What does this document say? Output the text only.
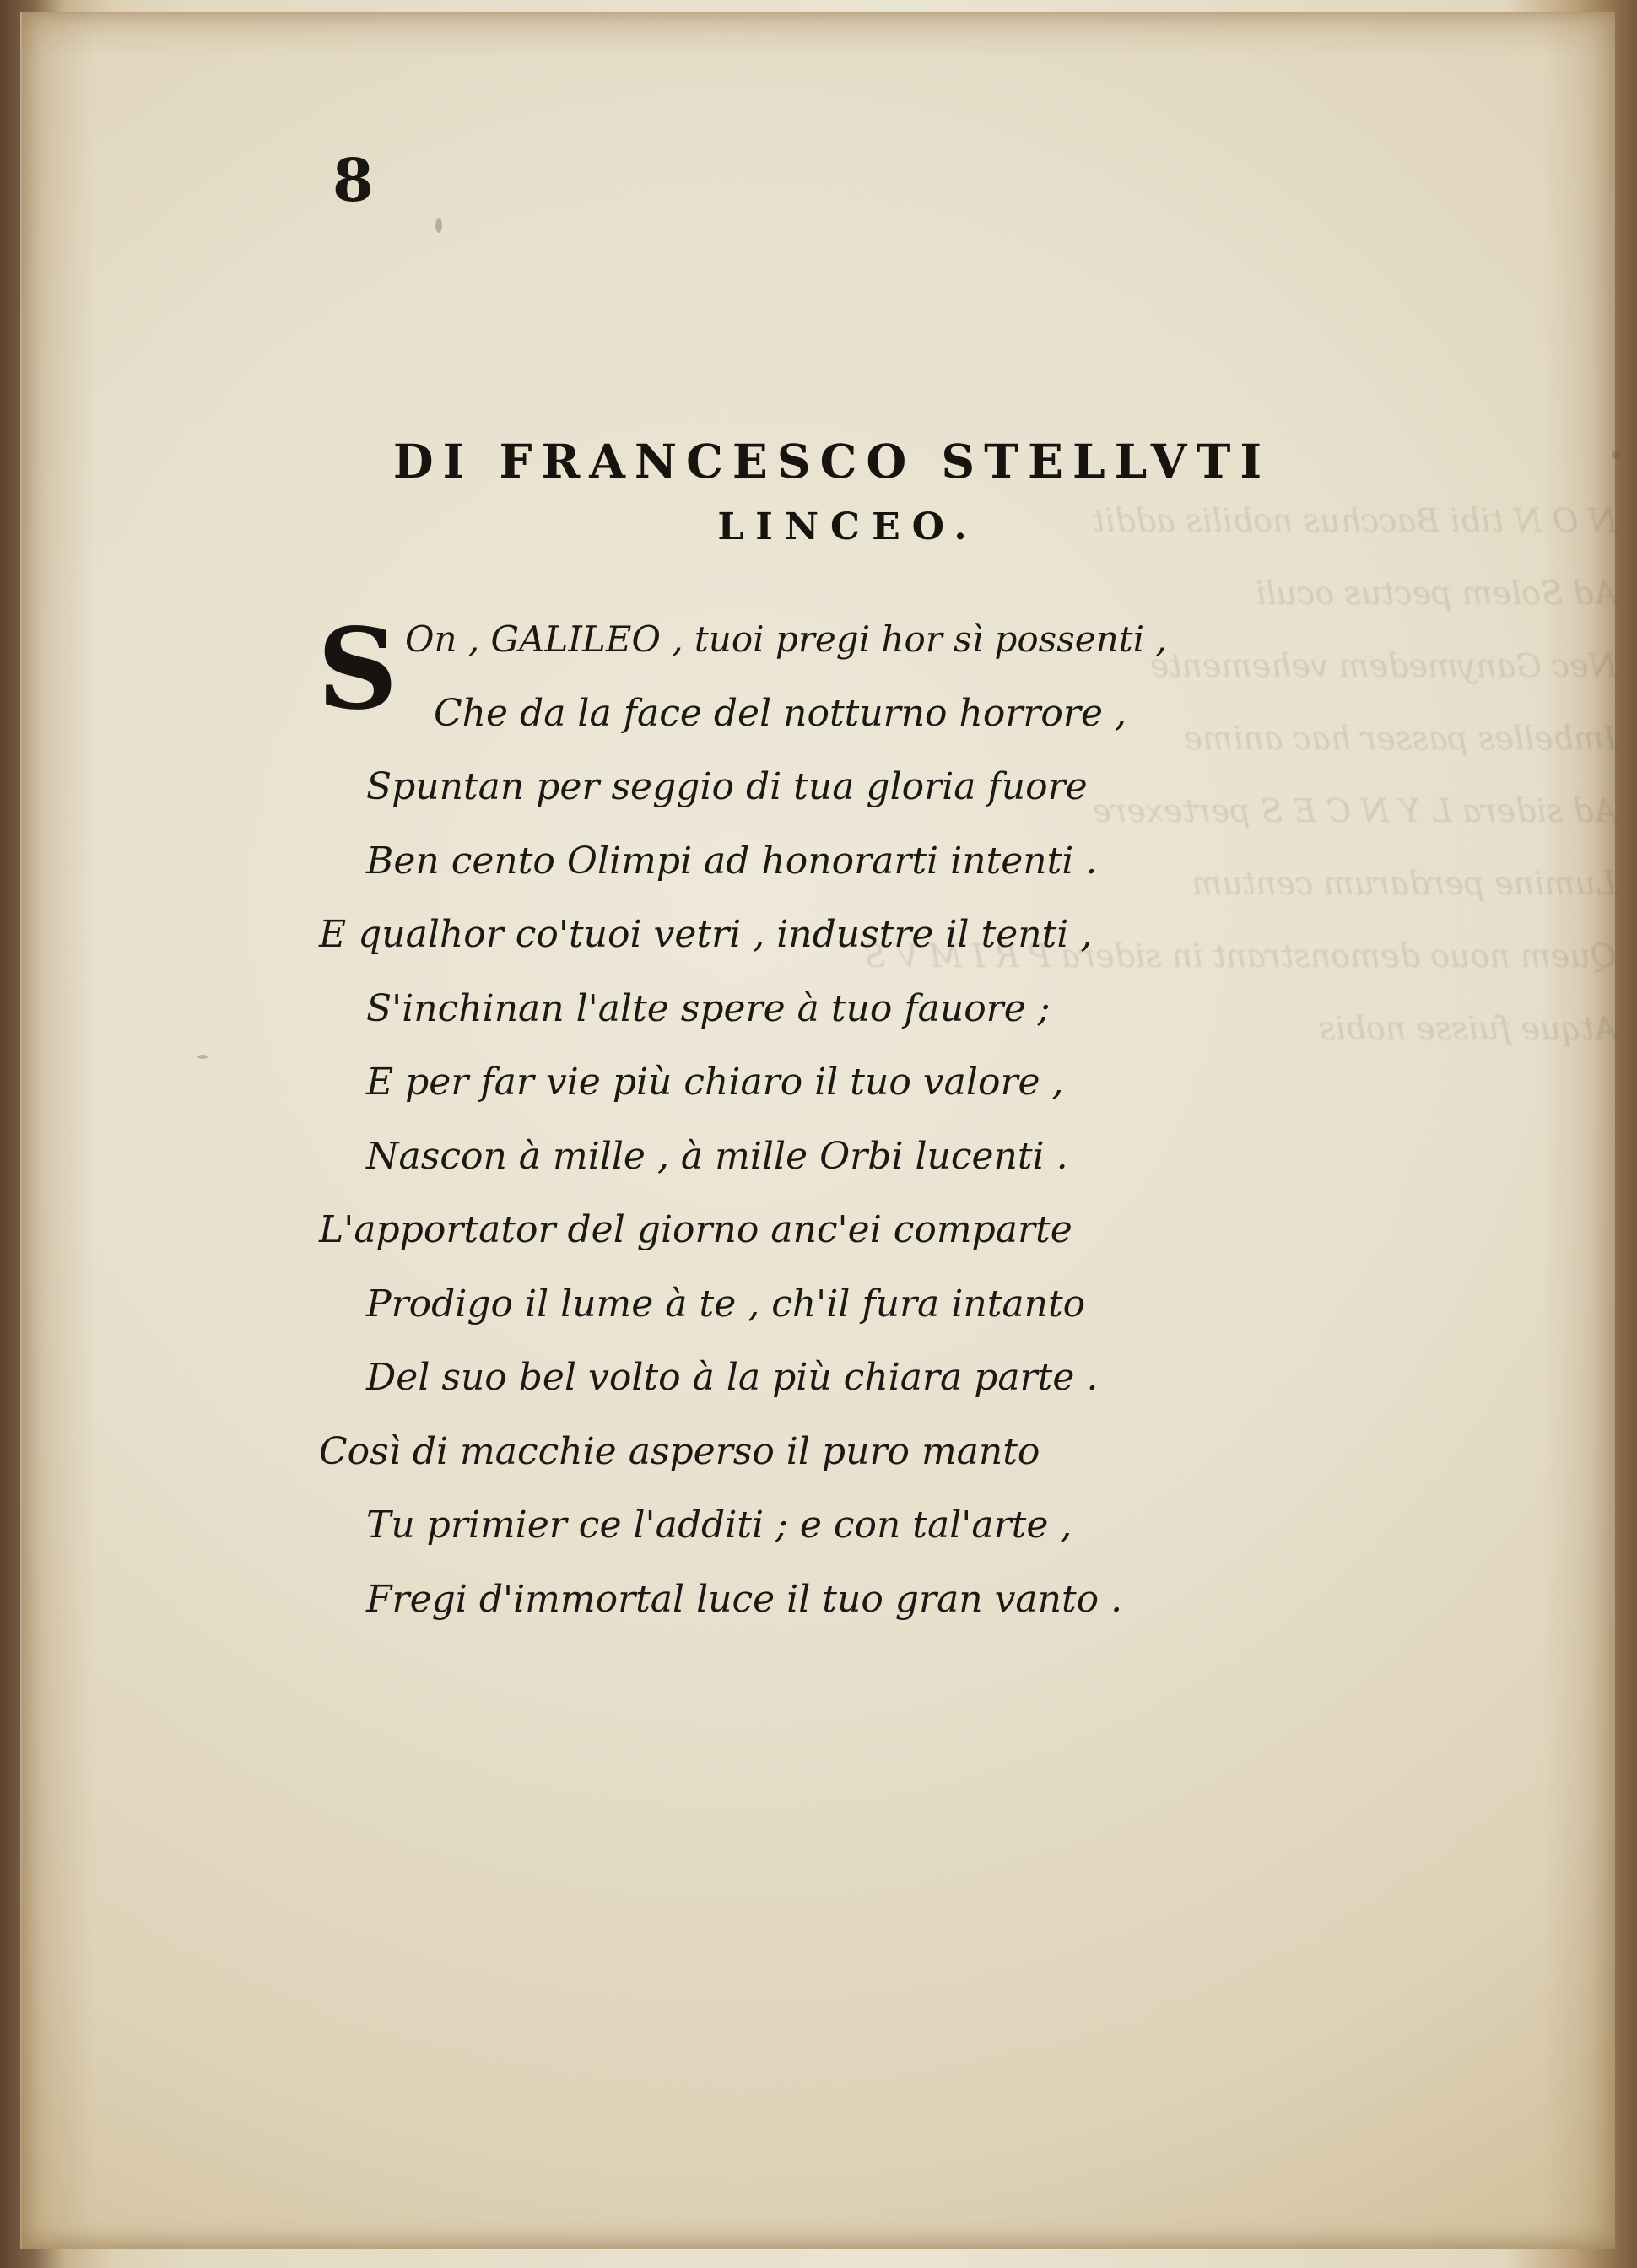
N O N tibi Bacchus nobilis addit
Ad Solem pectus oculi
Nec Ganymedem vehemente
Imbelles passer hac anime
Ad sidera L Y N C E S pertexere
Lumine perdarum centum
Quem nouo demonstrant in sidera P R I M V S
Atque fuisse nobis
8
DI FRANCESCO STELLVTI
LINCEO.
S On , GALILEO , tuoi pregi hor sì possenti ,
Che da la face del notturno horrore ,
Spuntan per seggio di tua gloria fuore
Ben cento Olimpi ad honorarti intenti .
E qualhor co'tuoi vetri , industre il tenti ,
S'inchinan l'alte spere à tuo fauore ;
E per far vie più chiaro il tuo valore ,
Nascon à mille , à mille Orbi lucenti .
L'apportator del giorno anc'ei comparte
Prodigo il lume à te , ch'il fura intanto
Del suo bel volto à la più chiara parte .
Così di macchie asperso il puro manto
Tu primier ce l'additi ; e con tal'arte ,
Fregi d'immortal luce il tuo gran vanto .
